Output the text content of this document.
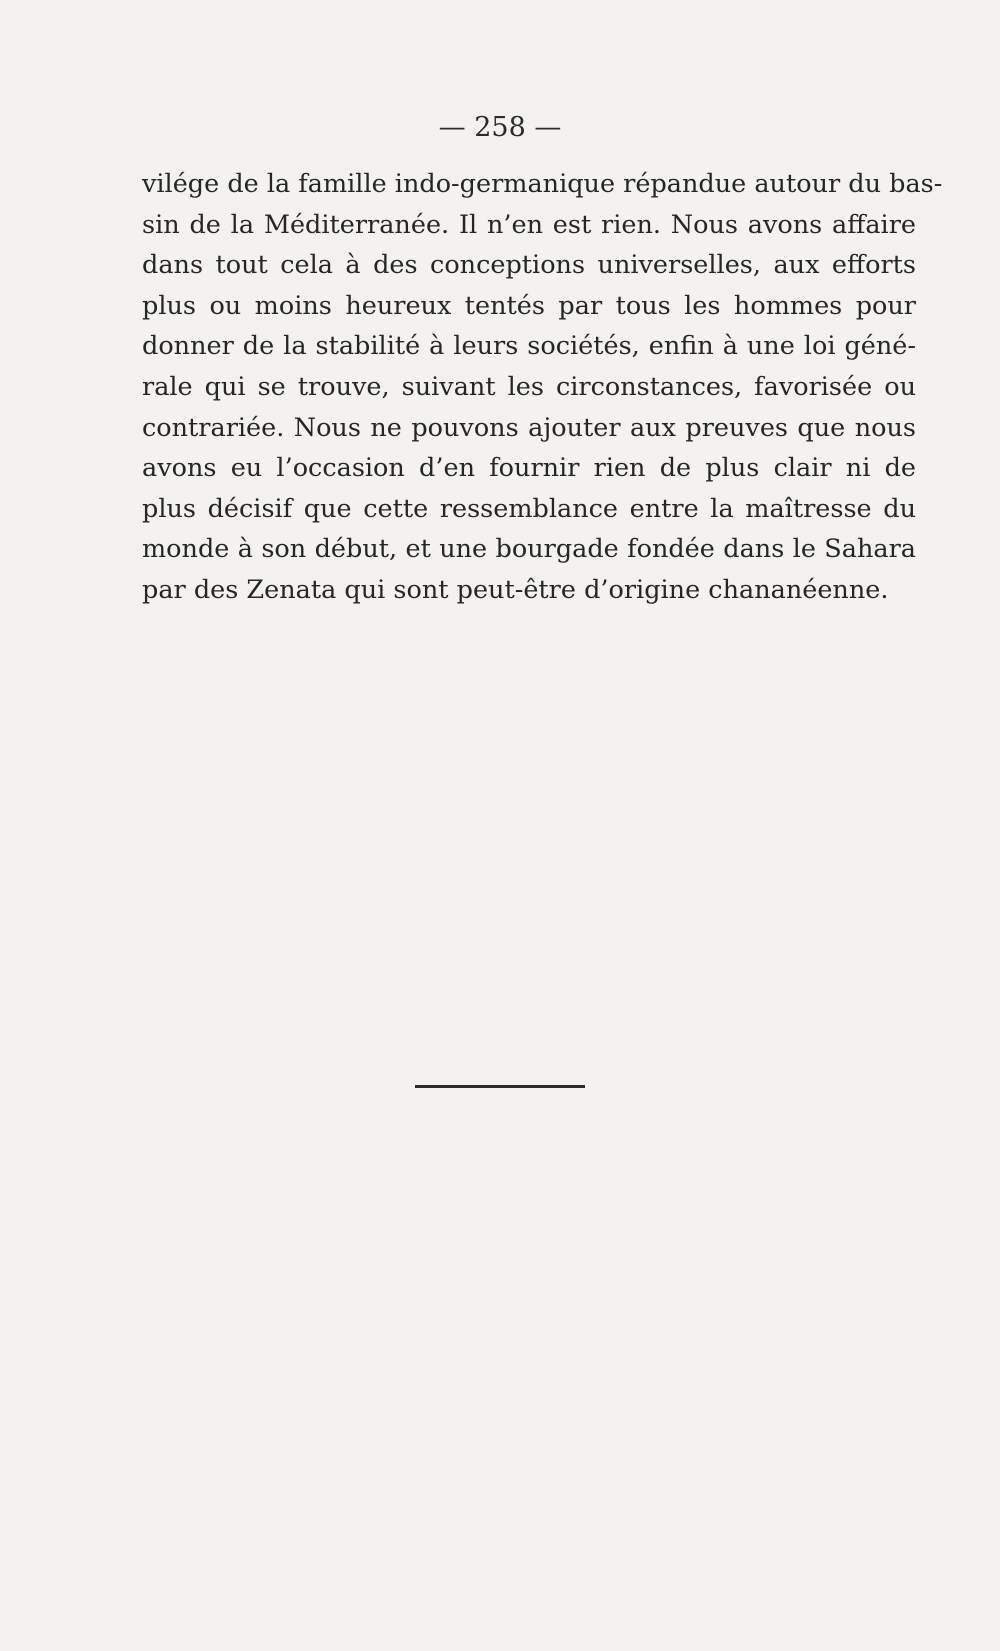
— 258 —
vilége de la famille indo-germanique répandue autour du bas-
sin de la Méditerranée. Il n’en est rien. Nous avons affaire
dans tout cela à des conceptions universelles, aux efforts
plus ou moins heureux tentés par tous les hommes pour
donner de la stabilité à leurs sociétés, enfin à une loi géné-
rale qui se trouve, suivant les circonstances, favorisée ou
contrariée. Nous ne pouvons ajouter aux preuves que nous
avons eu l’occasion d’en fournir rien de plus clair ni de
plus décisif que cette ressemblance entre la maîtresse du
monde à son début, et une bourgade fondée dans le Sahara
par des Zenata qui sont peut-être d’origine chananéenne.
